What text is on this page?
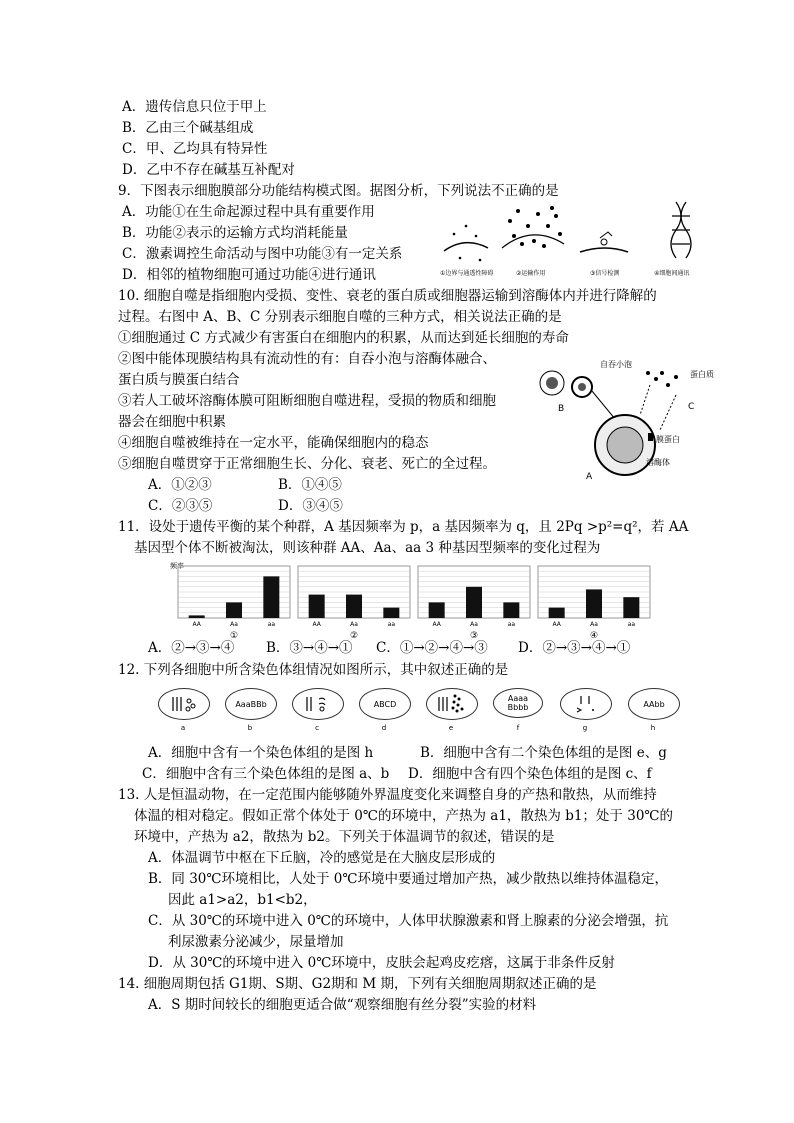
A．遗传信息只位于甲上
B．乙由三个碱基组成
C．甲、乙均具有特异性
D．乙中不存在碱基互补配对
9．下图表示细胞膜部分功能结构模式图。据图分析，下列说法不正确的是
A．功能①在生命起源过程中具有重要作用
B．功能②表示的运输方式均消耗能量
C．激素调控生命活动与图中功能③有一定关系
D．相邻的植物细胞可通过功能④进行通讯	①边界与通透性障碍	②运输作用	③信号检测	④细胞间通讯
10. 细胞自噬是指细胞内受损、变性、衰老的蛋白质或细胞器运输到溶酶体内并进行降解的
过程。右图中 A、B、C 分别表示细胞自噬的三种方式，相关说法正确的是
①细胞通过 C 方式减少有害蛋白在细胞内的积累，从而达到延长细胞的寿命
②图中能体现膜结构具有流动性的有：自吞小泡与溶酶体融合、
蛋白质与膜蛋白结合
③若人工破坏溶酶体膜可阻断细胞自噬进程，受损的物质和细胞
器会在细胞中积累
④细胞自噬被维持在一定水平，能确保细胞内的稳态
⑤细胞自噬贯穿于正常细胞生长、分化、衰老、死亡的全过程。
A．①②③	B．①④⑤
C．②③⑤	D．③④⑤
自吞小泡
蛋白质
膜蛋白
溶酶体
B
A
C
11．设处于遗传平衡的某个种群，A 基因频率为 p，a 基因频率为 q，且 2Pq >p²=q²，若 AA
基因型个体不断被淘汰，则该种群 AA、Aa、aa 3 种基因型频率的变化过程为
频率
AA	Aa	aa
①
AA	Aa	aa
②
AA	Aa	aa
③
AA	Aa	aa
④
A．②→③→④ B．③→④→① C．①→②→④→③ D．②→③→④→①
12. 下列各细胞中所含染色体组情况如图所示，其中叙述正确的是
a
AaaBBb
b	c
ABCD
d	e
Aaaa Bbbb
f	g
AAbb
h
A．细胞中含有一个染色体组的是图 h	B．细胞中含有二个染色体组的是图 e、g
C．细胞中含有三个染色体组的是图 a、b D．细胞中含有四个染色体组的是图 c、f
13. 人是恒温动物，在一定范围内能够随外界温度变化来调整自身的产热和散热，从而维持
体温的相对稳定。假如正常个体处于 0℃的环境中，产热为 a1，散热为 b1；处于 30℃的
环境中，产热为 a2，散热为 b2。下列关于体温调节的叙述，错误的是
A．体温调节中枢在下丘脑，冷的感觉是在大脑皮层形成的
B．同 30℃环境相比，人处于 0℃环境中要通过增加产热，减少散热以维持体温稳定，
因此 a1>a2，b1<b2，
C．从 30℃的环境中进入 0℃的环境中，人体甲状腺激素和肾上腺素的分泌会增强，抗
利尿激素分泌减少，尿量增加
D．从 30℃的环境中进入 0℃环境中，皮肤会起鸡皮疙瘩，这属于非条件反射
14. 细胞周期包括 G1期、S期、G2期和 M 期，下列有关细胞周期叙述正确的是
A．S 期时间较长的细胞更适合做“观察细胞有丝分裂”实验的材料
